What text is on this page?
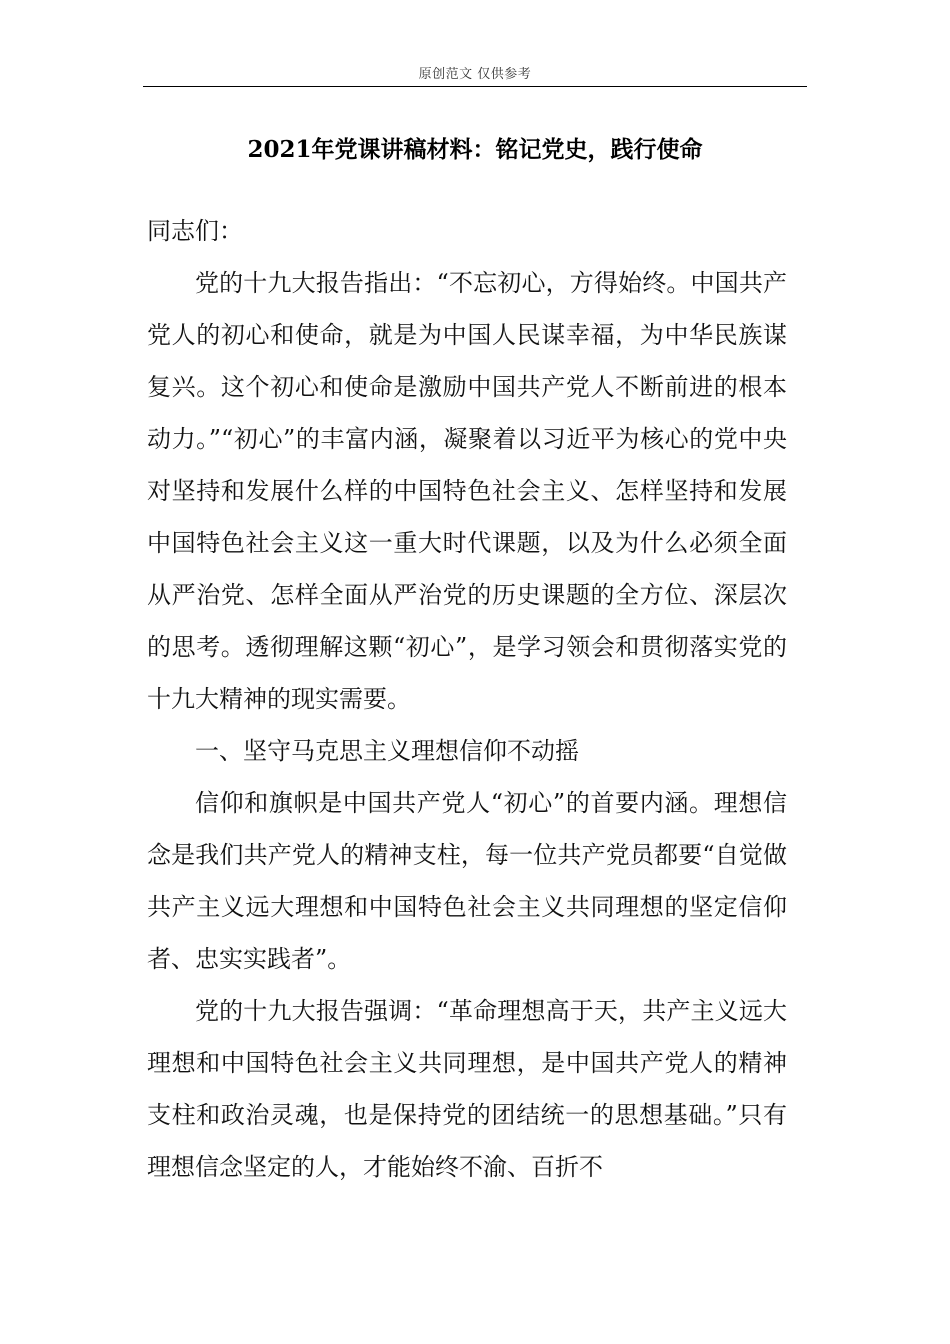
原创范文 仅供参考
2021年党课讲稿材料：铭记党史，践行使命

同志们：

党的十九大报告指出：“不忘初心，方得始终。中国共产党人的初心和使命，就是为中国人民谋幸福，为中华民族谋复兴。这个初心和使命是激励中国共产党人不断前进的根本动力。”“初心”的丰富内涵，凝聚着以习近平为核心的党中央对坚持和发展什么样的中国特色社会主义、怎样坚持和发展中国特色社会主义这一重大时代课题，以及为什么必须全面从严治党、怎样全面从严治党的历史课题的全方位、深层次的思考。透彻理解这颗“初心”，是学习领会和贯彻落实党的十九大精神的现实需要。

一、坚守马克思主义理想信仰不动摇

信仰和旗帜是中国共产党人“初心”的首要内涵。理想信念是我们共产党人的精神支柱，每一位共产党员都要“自觉做共产主义远大理想和中国特色社会主义共同理想的坚定信仰者、忠实实践者”。

党的十九大报告强调：“革命理想高于天，共产主义远大理想和中国特色社会主义共同理想，是中国共产党人的精神支柱和政治灵魂，也是保持党的团结统一的思想基础。”只有理想信念坚定的人，才能始终不渝、百折不
